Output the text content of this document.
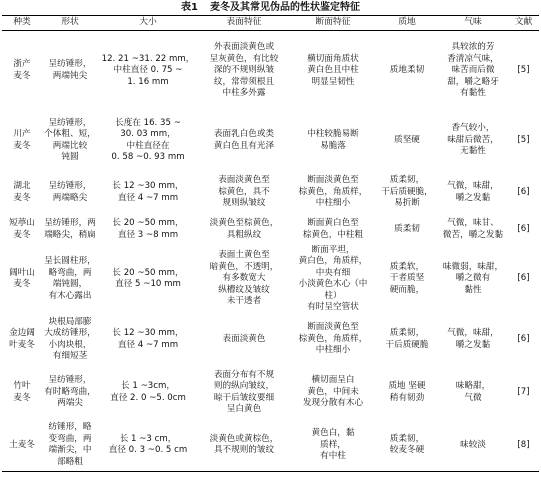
表1 麦冬及其常见伪品的性状鉴定特征
种类	形状	大小	表面特征	断面特征	质地	气味	文献
浙产
麦冬	呈纺锤形，
两端钝尖	12. 21 ~31. 22 mm，
中柱直径 0. 75 ~
1. 16 mm	外表面淡黄色或
呈灰黄色，有比较
深的不规则纵皱
纹，常带须根且
中柱多外露	横切面角质状
黄白色且中柱
明显呈韧性	质地柔韧	具较浓的芳
香清凉气味，
味苦而后微
甜，嚼之略牙
有黏性	[5]
川产
麦冬	呈纺锤形，
个体粗、短，
两端比较
钝圆	长度在 16. 35 ~
30. 03 mm，
中柱直径在
0. 58 ~0. 93 mm	表面乳白色或类
黄白色且有光泽	中柱较脆易断
易脆落	质坚硬	香气较小，
味甜后微苦，
无黏性	[5]
湖北
麦冬	呈纺锤形，
两端略尖	长 12 ~30 mm，
直径 4 ~7 mm	表面淡黄色至
棕黄色，具不
规则纵皱纹	断面淡黄色至
棕黄色，角质样，
中柱细小	质柔韧，
干后质硬脆，
易折断	气微，味甜，
嚼之发黏	[6]
短葶山
麦冬	呈纺锤形，两
端略尖，稍扁	长 20 ~50 mm，
直径 3 ~8 mm	淡黄色至棕黄色，
具粗纵纹	断面黄白色至
棕黄色，中柱粗	质柔韧	气微，味甘、
微苦，嚼之发黏	[6]
阔叶山
麦冬	呈长圆柱形，
略弯曲，两
端钝圆，
有木心露出	长 20 ~50 mm，
直径 5 ~10 mm	表面土黄色至
暗黄色，不透明，
有多数宽大
纵槽纹及皱纹
未干透者	断面平坦，
黄白色，角质样，
中央有细
小淡黄色木心（中柱）
有时呈空管状	质柔软，
干者质坚
硬而脆，	味微弱，味甜，
嚼之微有
黏性	[6]
金边阔
叶麦冬	块根局部膨
大成纺锤形，
小肉块根，
有细短茎	长 12 ~30 mm，
直径 4 ~7 mm	表面淡黄色	断面淡黄色至
棕黄色，角质样，
中柱细小	质柔韧，
干后质硬脆	气微，味甜，
嚼之发黏	[6]
竹叶
麦冬	呈纺锤形，
有时略弯曲，
两端尖	长 1 ~3cm，
直径 2. 0 ~5. 0cm	表面分布有不规
则的纵向皱纹，
晾干后皱纹要细
呈白黄色	横切面呈白
黄色，中间未
发现分散有木心	质地 坚硬
稍有韧劲	味略甜，
气微	[7]
土麦冬	纺锤形，略
变弯曲，两
端渐尖，中
部略粗	长 1 ~3 cm，
直径 0. 3 ~0. 5 cm	淡黄色或黄棕色，
具不规则的皱纹	黄色白，黏
质样，
有中柱	质柔韧，
较麦冬硬	味较淡	[8]
